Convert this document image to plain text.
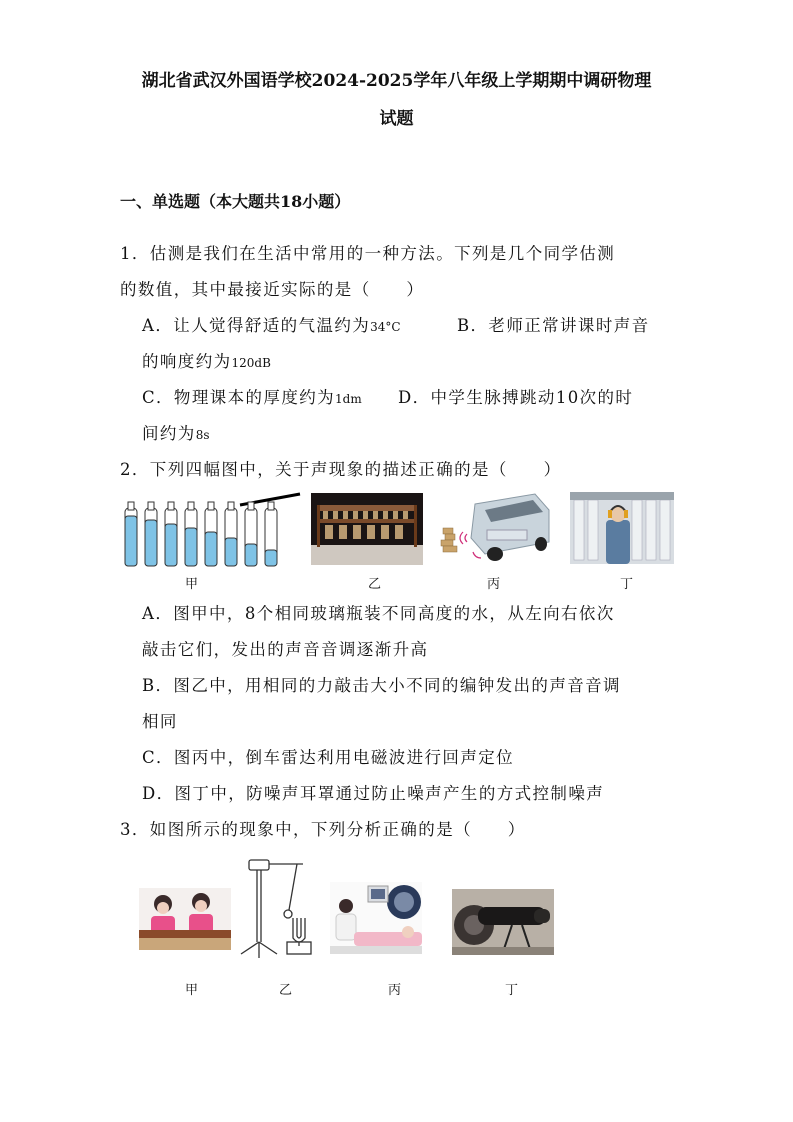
湖北省武汉外国语学校2024-2025学年八年级上学期期中调研物理
试题
一、单选题（本大题共18小题）
1．估测是我们在生活中常用的一种方法。下列是几个同学估测
的数值，其中最接近实际的是（　　）
A．让人觉得舒适的气温约为34°C	B．老师正常讲课时声音
的响度约为120dB
C．物理课本的厚度约为1dm D．中学生脉搏跳动10次的时
间约为8s
2．下列四幅图中，关于声现象的描述正确的是（　　）
甲	乙	丙	丁
A．图甲中，8个相同玻璃瓶装不同高度的水，从左向右依次
敲击它们，发出的声音音调逐渐升高
B．图乙中，用相同的力敲击大小不同的编钟发出的声音音调
相同
C．图丙中，倒车雷达利用电磁波进行回声定位
D．图丁中，防噪声耳罩通过防止噪声产生的方式控制噪声
3．如图所示的现象中，下列分析正确的是（　　）
甲	乙	丙	丁
